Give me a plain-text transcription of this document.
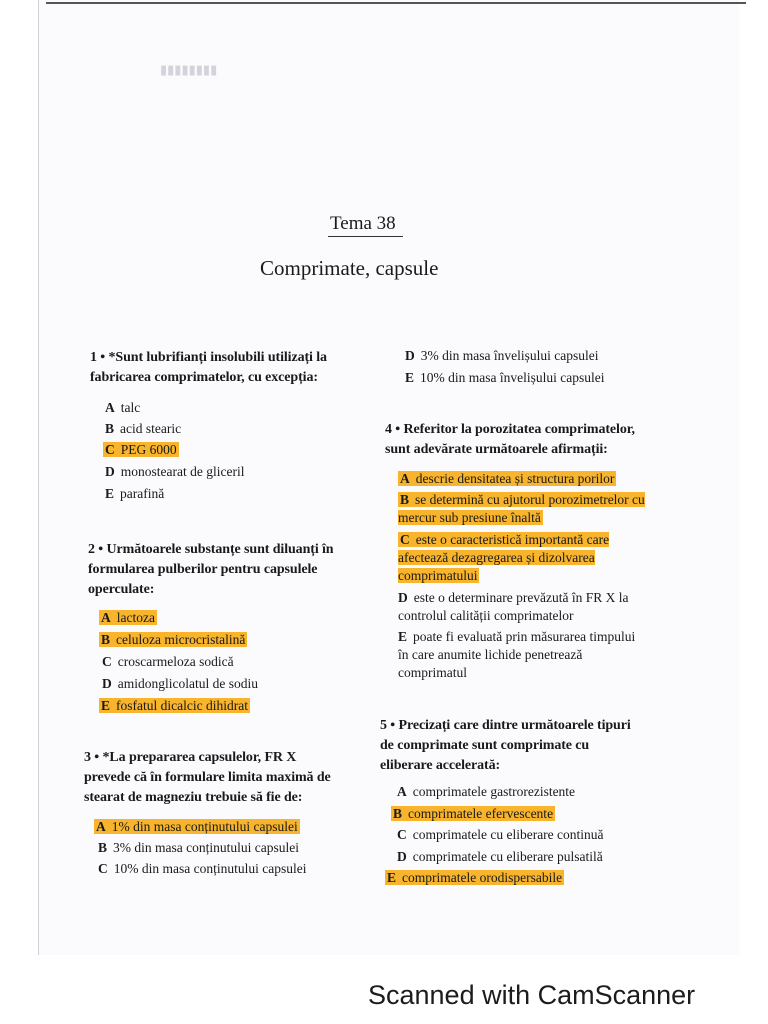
▮▮▮▮▮▮▮▮
Tema 38
Comprimate, capsule
1 • *Sunt lubrifianți insolubili utilizați la fabricarea comprimatelor, cu excepția:
A talc
B acid stearic
C PEG 6000
D monostearat de gliceril
E parafină
2 • Următoarele substanțe sunt diluanți în formularea pulberilor pentru capsulele operculate:
A lactoza
B celuloza microcristalină
C croscarmeloza sodică
D amidonglicolatul de sodiu
E fosfatul dicalcic dihidrat
3 • *La prepararea capsulelor, FR X prevede că în formulare limita maximă de stearat de magneziu trebuie să fie de:
A 1% din masa conținutului capsulei
B 3% din masa conținutului capsulei
C 10% din masa conținutului capsulei
D 3% din masa învelișului capsulei
E 10% din masa învelișului capsulei
4 • Referitor la porozitatea comprimatelor, sunt adevărate următoarele afirmații:
A descrie densitatea și structura porilor
B se determină cu ajutorul porozimetrelor cu mercur sub presiune înaltă
C este o caracteristică importantă care afectează dezagregarea și dizolvarea comprimatului
D este o determinare prevăzută în FR X la controlul calității comprimatelor
E poate fi evaluată prin măsurarea timpului în care anumite lichide penetrează comprimatul
5 • Precizați care dintre următoarele tipuri de comprimate sunt comprimate cu eliberare accelerată:
A comprimatele gastrorezistente
B comprimatele efervescente
C comprimatele cu eliberare continuă
D comprimatele cu eliberare pulsatilă
E comprimatele orodispersabile
Scanned with CamScanner
